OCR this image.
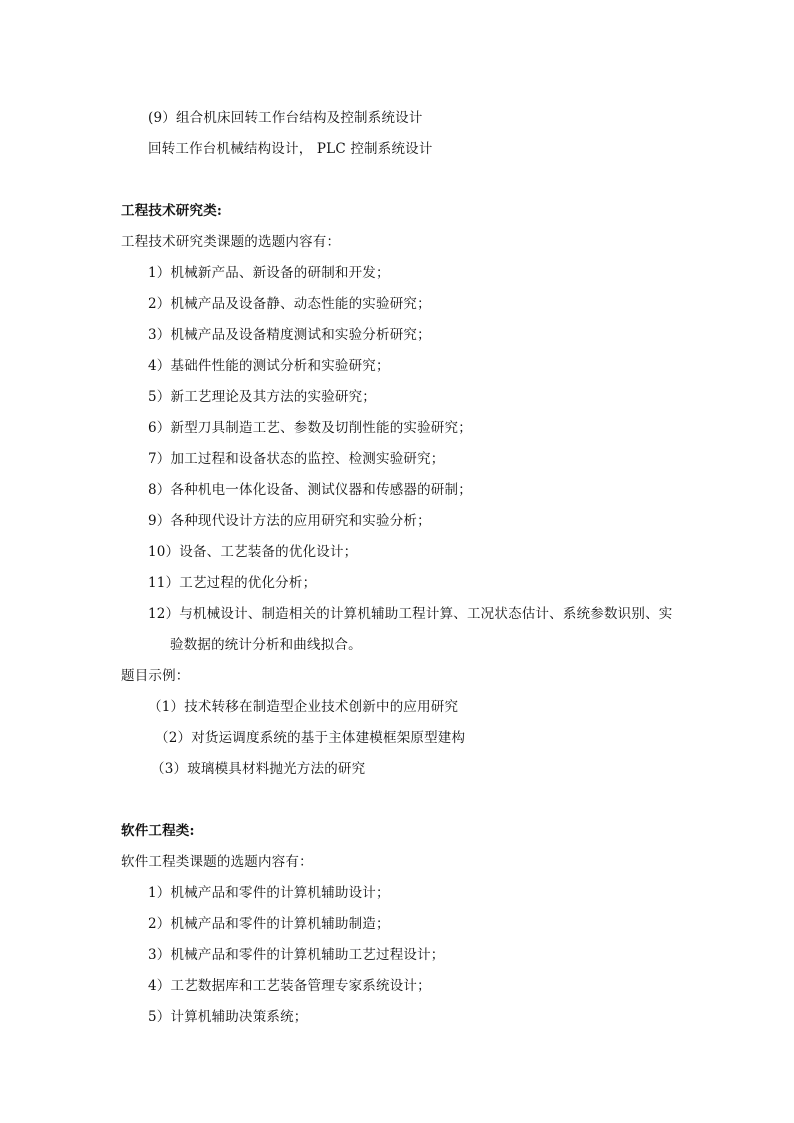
(9）组合机床回转工作台结构及控制系统设计
回转工作台机械结构设计， PLC 控制系统设计
工程技术研究类:
工程技术研究类课题的选题内容有：
1）机械新产品、新设备的研制和开发；
2）机械产品及设备静、动态性能的实验研究；
3）机械产品及设备精度测试和实验分析研究；
4）基础件性能的测试分析和实验研究；
5）新工艺理论及其方法的实验研究；
6）新型刀具制造工艺、参数及切削性能的实验研究；
7）加工过程和设备状态的监控、检测实验研究；
8）各种机电一体化设备、测试仪器和传感器的研制；
9）各种现代设计方法的应用研究和实验分析；
10）设备、工艺装备的优化设计；
11）工艺过程的优化分析；
12）与机械设计、制造相关的计算机辅助工程计算、工况状态估计、系统参数识别、实
验数据的统计分析和曲线拟合。
题目示例：
（1）技术转移在制造型企业技术创新中的应用研究
（2）对货运调度系统的基于主体建模框架原型建构
（3）玻璃模具材料抛光方法的研究
软件工程类:
软件工程类课题的选题内容有：
1）机械产品和零件的计算机辅助设计；
2）机械产品和零件的计算机辅助制造；
3）机械产品和零件的计算机辅助工艺过程设计；
4）工艺数据库和工艺装备管理专家系统设计；
5）计算机辅助决策系统；
